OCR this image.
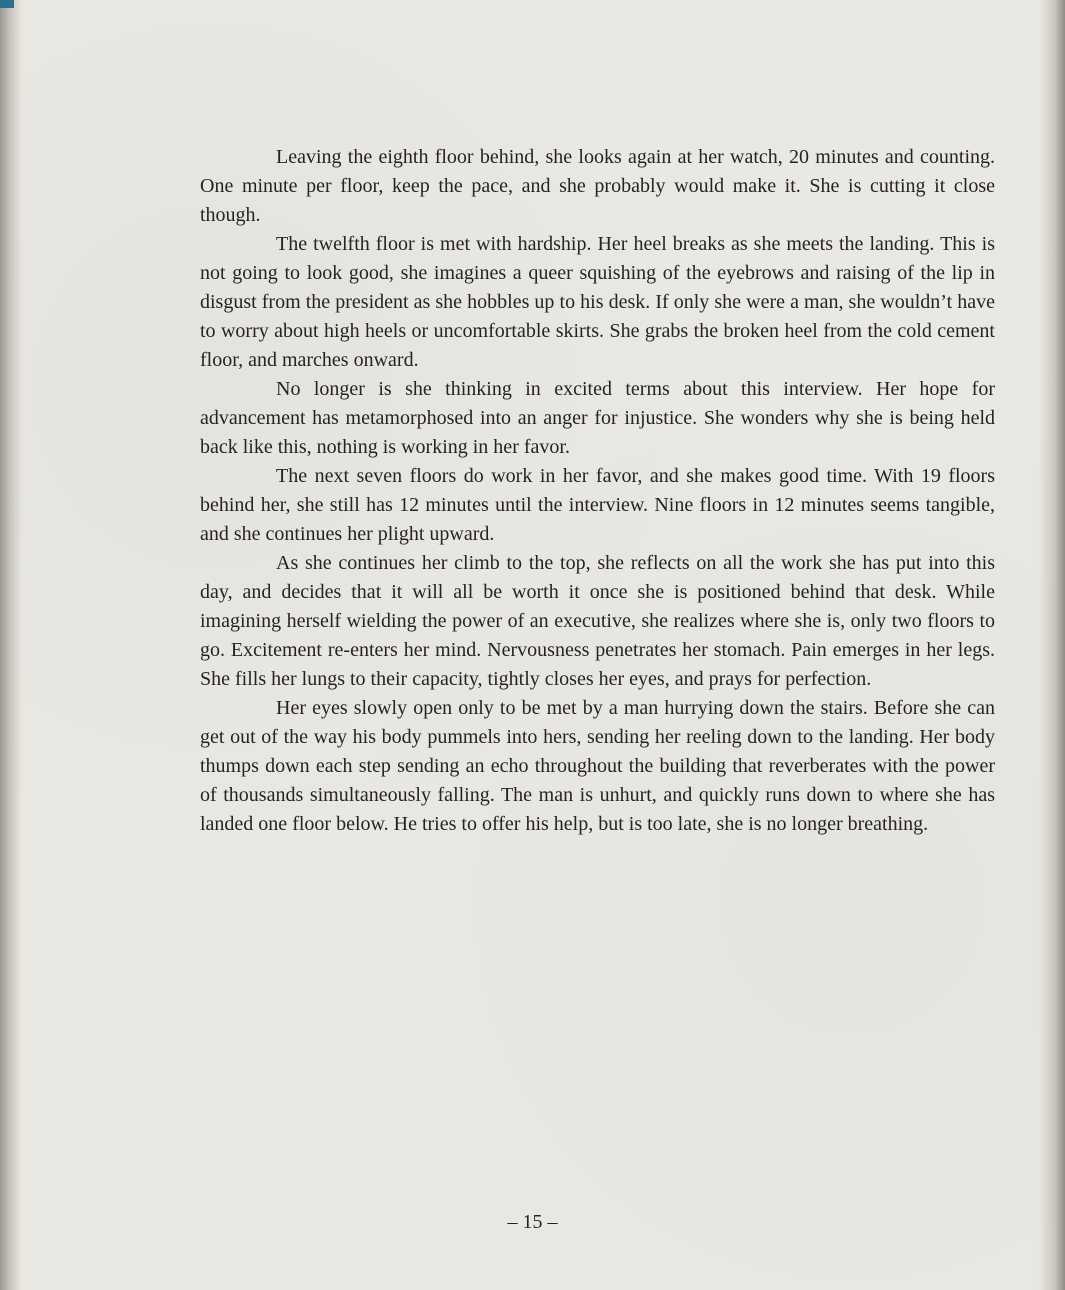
Leaving the eighth floor behind, she looks again at her watch, 20 minutes and counting. One minute per floor, keep the pace, and she probably would make it. She is cutting it close though.

The twelfth floor is met with hardship. Her heel breaks as she meets the landing. This is not going to look good, she imagines a queer squishing of the eyebrows and raising of the lip in disgust from the president as she hobbles up to his desk. If only she were a man, she wouldn’t have to worry about high heels or uncomfortable skirts. She grabs the broken heel from the cold cement floor, and marches onward.

No longer is she thinking in excited terms about this interview. Her hope for advancement has metamorphosed into an anger for injustice. She wonders why she is being held back like this, nothing is working in her favor.

The next seven floors do work in her favor, and she makes good time. With 19 floors behind her, she still has 12 minutes until the interview. Nine floors in 12 minutes seems tangible, and she continues her plight upward.

As she continues her climb to the top, she reflects on all the work she has put into this day, and decides that it will all be worth it once she is positioned behind that desk. While imagining herself wielding the power of an executive, she realizes where she is, only two floors to go. Excitement re-enters her mind. Nervousness penetrates her stomach. Pain emerges in her legs. She fills her lungs to their capacity, tightly closes her eyes, and prays for perfection.

Her eyes slowly open only to be met by a man hurrying down the stairs. Before she can get out of the way his body pummels into hers, sending her reeling down to the landing. Her body thumps down each step sending an echo throughout the building that reverberates with the power of thousands simultaneously falling. The man is unhurt, and quickly runs down to where she has landed one floor below. He tries to offer his help, but is too late, she is no longer breathing.

– 15 –
